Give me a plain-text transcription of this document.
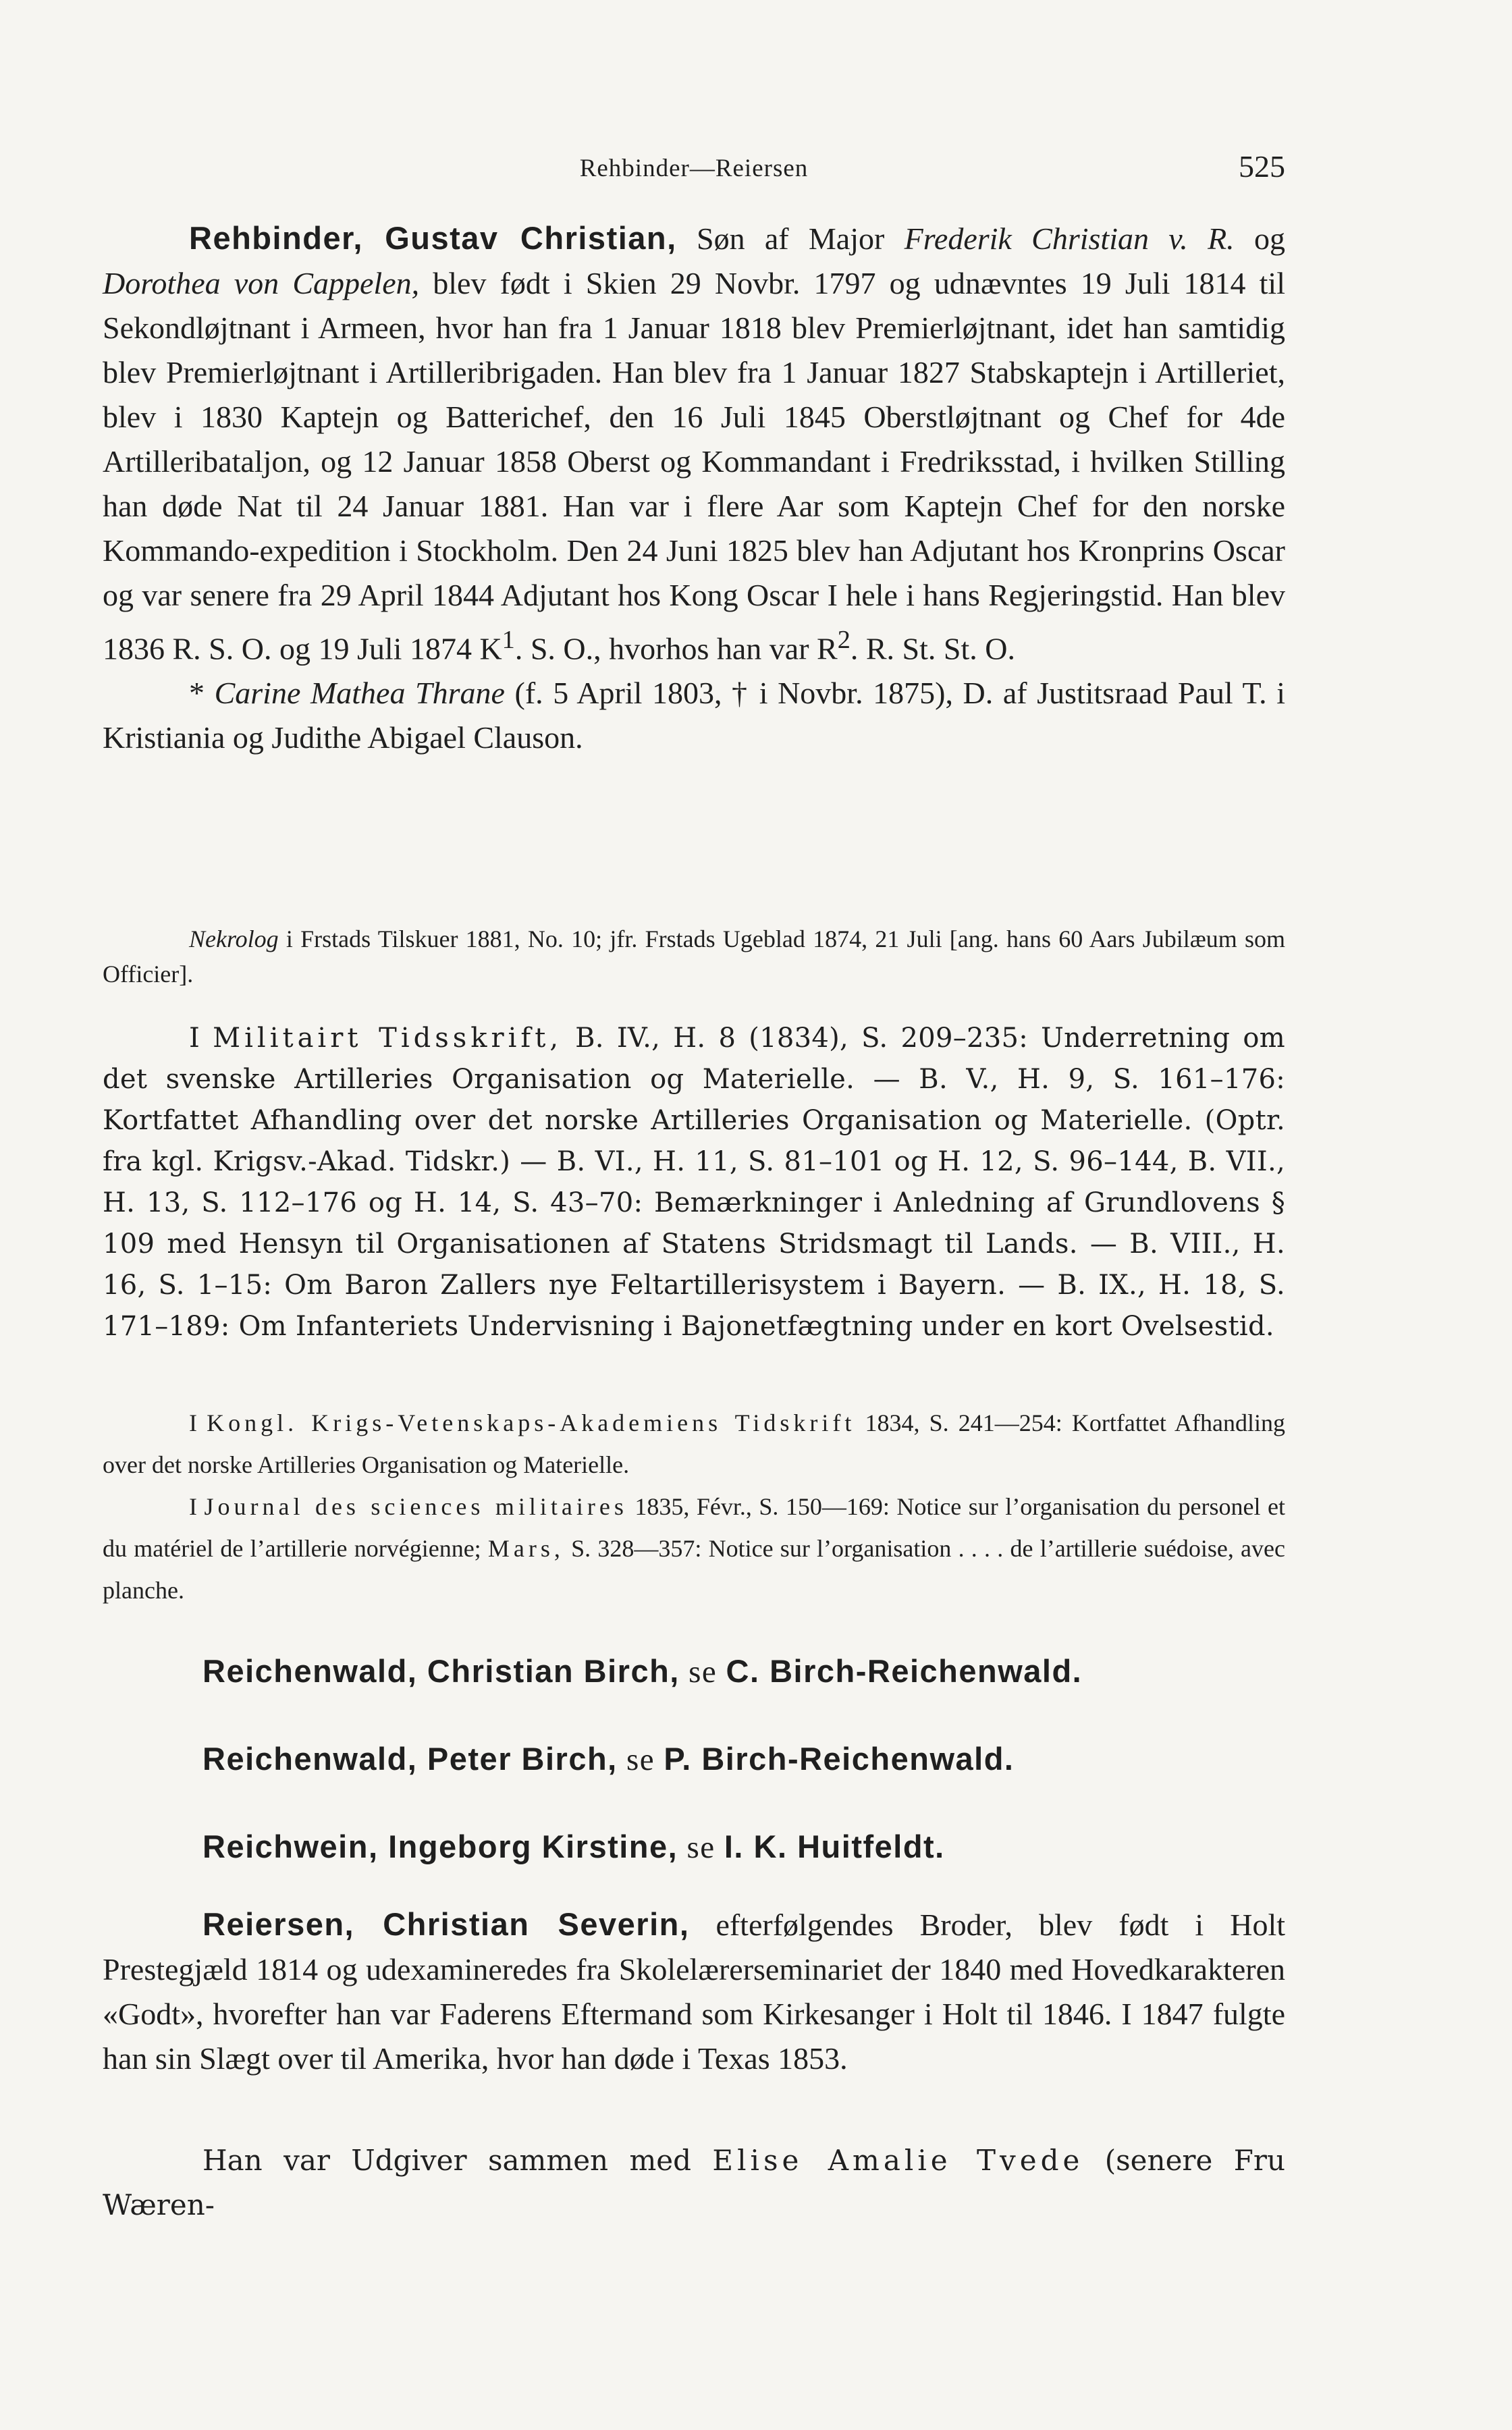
Rehbinder—Reiersen	525

Rehbinder, Gustav Christian, Søn af Major Frederik Christian v. R. og Dorothea von Cappelen, blev født i Skien 29 Novbr. 1797 og udnævntes 19 Juli 1814 til Sekondløjtnant i Armeen, hvor han fra 1 Januar 1818 blev Premierløjtnant, idet han samtidig blev Premierløjtnant i Artilleribrigaden. Han blev fra 1 Januar 1827 Stabskaptejn i Artilleriet, blev i 1830 Kaptejn og Batterichef, den 16 Juli 1845 Oberstløjtnant og Chef for 4de Artilleribataljon, og 12 Januar 1858 Oberst og Kommandant i Fredriksstad, i hvilken Stilling han døde Nat til 24 Januar 1881. Han var i flere Aar som Kaptejn Chef for den norske Kommando-expedition i Stockholm. Den 24 Juni 1825 blev han Adjutant hos Kronprins Oscar og var senere fra 29 April 1844 Adjutant hos Kong Oscar I hele i hans Regjeringstid. Han blev 1836 R. S. O. og 19 Juli 1874 $K^1$. S. O., hvorhos han var $R^2$. R. St. St. O.

* Carine Mathea Thrane (f. 5 April 1803, † i Novbr. 1875), D. af Justitsraad Paul T. i Kristiania og Judithe Abigael Clauson.

Nekrolog i Frstads Tilskuer 1881, No. 10; jfr. Frstads Ugeblad 1874, 21 Juli [ang. hans 60 Aars Jubilæum som Officier].

I Militairt Tidsskrift, B. IV., H. 8 (1834), S. 209–235: Underretning om det svenske Artilleries Organisation og Materielle. — B. V., H. 9, S. 161–176: Kortfattet Afhandling over det norske Artilleries Organisation og Materielle. (Optr. fra kgl. Krigsv.-Akad. Tidskr.) — B. VI., H. 11, S. 81–101 og H. 12, S. 96–144, B. VII., H. 13, S. 112–176 og H. 14, S. 43–70: Bemærkninger i Anledning af Grundlovens § 109 med Hensyn til Organisationen af Statens Stridsmagt til Lands. — B. VIII., H. 16, S. 1–15: Om Baron Zallers nye Feltartillerisystem i Bayern. — B. IX., H. 18, S. 171–189: Om Infanteriets Undervisning i Bajonetfægtning under en kort Ovelsestid.

I Kongl. Krigs-Vetenskaps-Akademiens Tidskrift 1834, S. 241—254: Kortfattet Afhandling over det norske Artilleries Organisation og Materielle.

I Journal des sciences militaires 1835, Févr., S. 150—169: Notice sur l’organisation du personel et du matériel de l’artillerie norvégienne; Mars, S. 328—357: Notice sur l’organisation . . . . de l’artillerie suédoise, avec planche.

Reichenwald, Christian Birch, se C. Birch-Reichenwald.
Reichenwald, Peter Birch, se P. Birch-Reichenwald.
Reichwein, Ingeborg Kirstine, se I. K. Huitfeldt.

Reiersen, Christian Severin, efterfølgendes Broder, blev født i Holt Prestegjæld 1814 og udexamineredes fra Skolelærerseminariet der 1840 med Hovedkarakteren «Godt», hvorefter han var Faderens Eftermand som Kirkesanger i Holt til 1846. I 1847 fulgte han sin Slægt over til Amerika, hvor han døde i Texas 1853.

Han var Udgiver sammen med Elise Amalie Tvede (senere Fru Wæren-
